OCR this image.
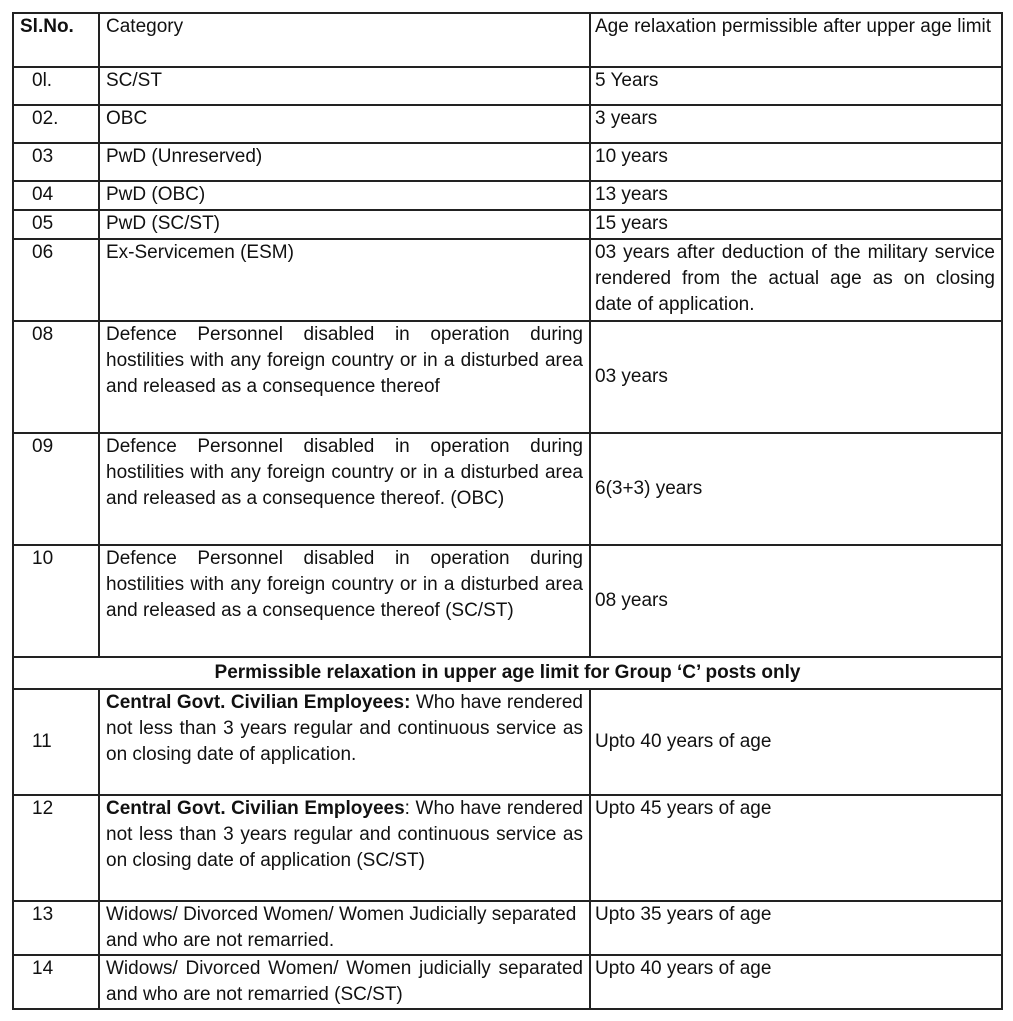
Sl.No.	Category	Age relaxation permissible after upper age limit
0l.	SC/ST	5 Years
02.	OBC	3 years
03	PwD (Unreserved)	10 years
04	PwD (OBC)	13 years
05	PwD (SC/ST)	15 years
06	Ex-Servicemen (ESM)	03 years after deduction of the military service rendered from the actual age as on closing date of application.
08	Defence Personnel disabled in operation during hostilities with any foreign country or in a disturbed area and released as a consequence thereof	03 years
09	Defence Personnel disabled in operation during hostilities with any foreign country or in a disturbed area and released as a consequence thereof. (OBC)	6(3+3) years
10	Defence Personnel disabled in operation during hostilities with any foreign country or in a disturbed area and released as a consequence thereof (SC/ST)	08 years
Permissible relaxation in upper age limit for Group ‘C’ posts only		
11	Central Govt. Civilian Employees: Who have rendered not less than 3 years regular and continuous service as on closing date of application.	Upto 40 years of age
12	Central Govt. Civilian Employees: Who have rendered not less than 3 years regular and continuous service as on closing date of application (SC/ST)	Upto 45 years of age
13	Widows/ Divorced Women/ Women Judicially separated and who are not remarried.	Upto 35 years of age
14	Widows/ Divorced Women/ Women judicially separated and who are not remarried (SC/ST)	Upto 40 years of age
